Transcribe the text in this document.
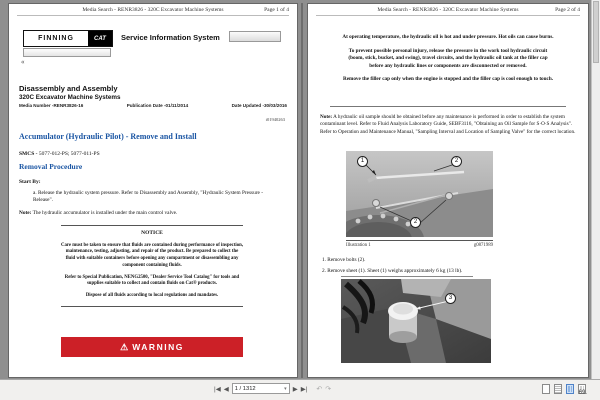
Media Search - RENR3826 - 320C Excavator Machine Systems	Page 1 of 4
FINNING	CAT	Service Information System
«
Disassembly and Assembly
320C Excavator Machine Systems
Media Number -RENR3826-16	Publication Date -01/11/2014	Date Updated -30/03/2016
i01940263
Accumulator (Hydraulic Pilot) - Remove and Install
SMCS - 5077-012-PS; 5077-011-PS
Removal Procedure
Start By:
a. Release the hydraulic system pressure. Refer to Disassembly and Assembly, "Hydraulic System Pressure - Release".
Note: The hydraulic accumulator is installed under the main control valve.
NOTICE

Care must be taken to ensure that fluids are contained during performance of inspection, maintenance, testing, adjusting, and repair of the product. Be prepared to collect the fluid with suitable containers before opening any compartment or disassembling any component containing fluids.

Refer to Special Publication, NENG2500, "Dealer Service Tool Catalog" for tools and supplies suitable to collect and contain fluids on Cat® products.

Dispose of all fluids according to local regulations and mandates.

⚠ WARNING
Media Search - RENR3826 - 320C Excavator Machine Systems	Page 2 of 4

At operating temperature, the hydraulic oil is hot and under pressure. Hot oils can cause burns.

To prevent possible personal injury, release the pressure in the work tool hydraulic circuit (boom, stick, bucket, and swing), travel circuits, and the hydraulic oil tank at the filler cap before any hydraulic lines or components are disconnected or removed.

Remove the filler cap only when the engine is stopped and the filler cap is cool enough to touch.

Note: A hydraulic oil sample should be obtained before any maintenance is performed in order to establish the system contaminant level. Refer to Fluid Analysis Laboratory Guide, SEBF3116, "Obtaining an Oil Sample for S·O·S Analysis". Refer to Operation and Maintenance Manual, "Sampling Interval and Location of Sampling Valve" for the correct location.
1	2
2
Illustration 1	g0871989
1. Remove bolts (2).
2. Remove sheet (1). Sheet (1) weighs approximately 6 kg (13 lb).
3
|◀ ◀ 1 / 1312	▾ ▶ ▶| ↶ ↷
69.
